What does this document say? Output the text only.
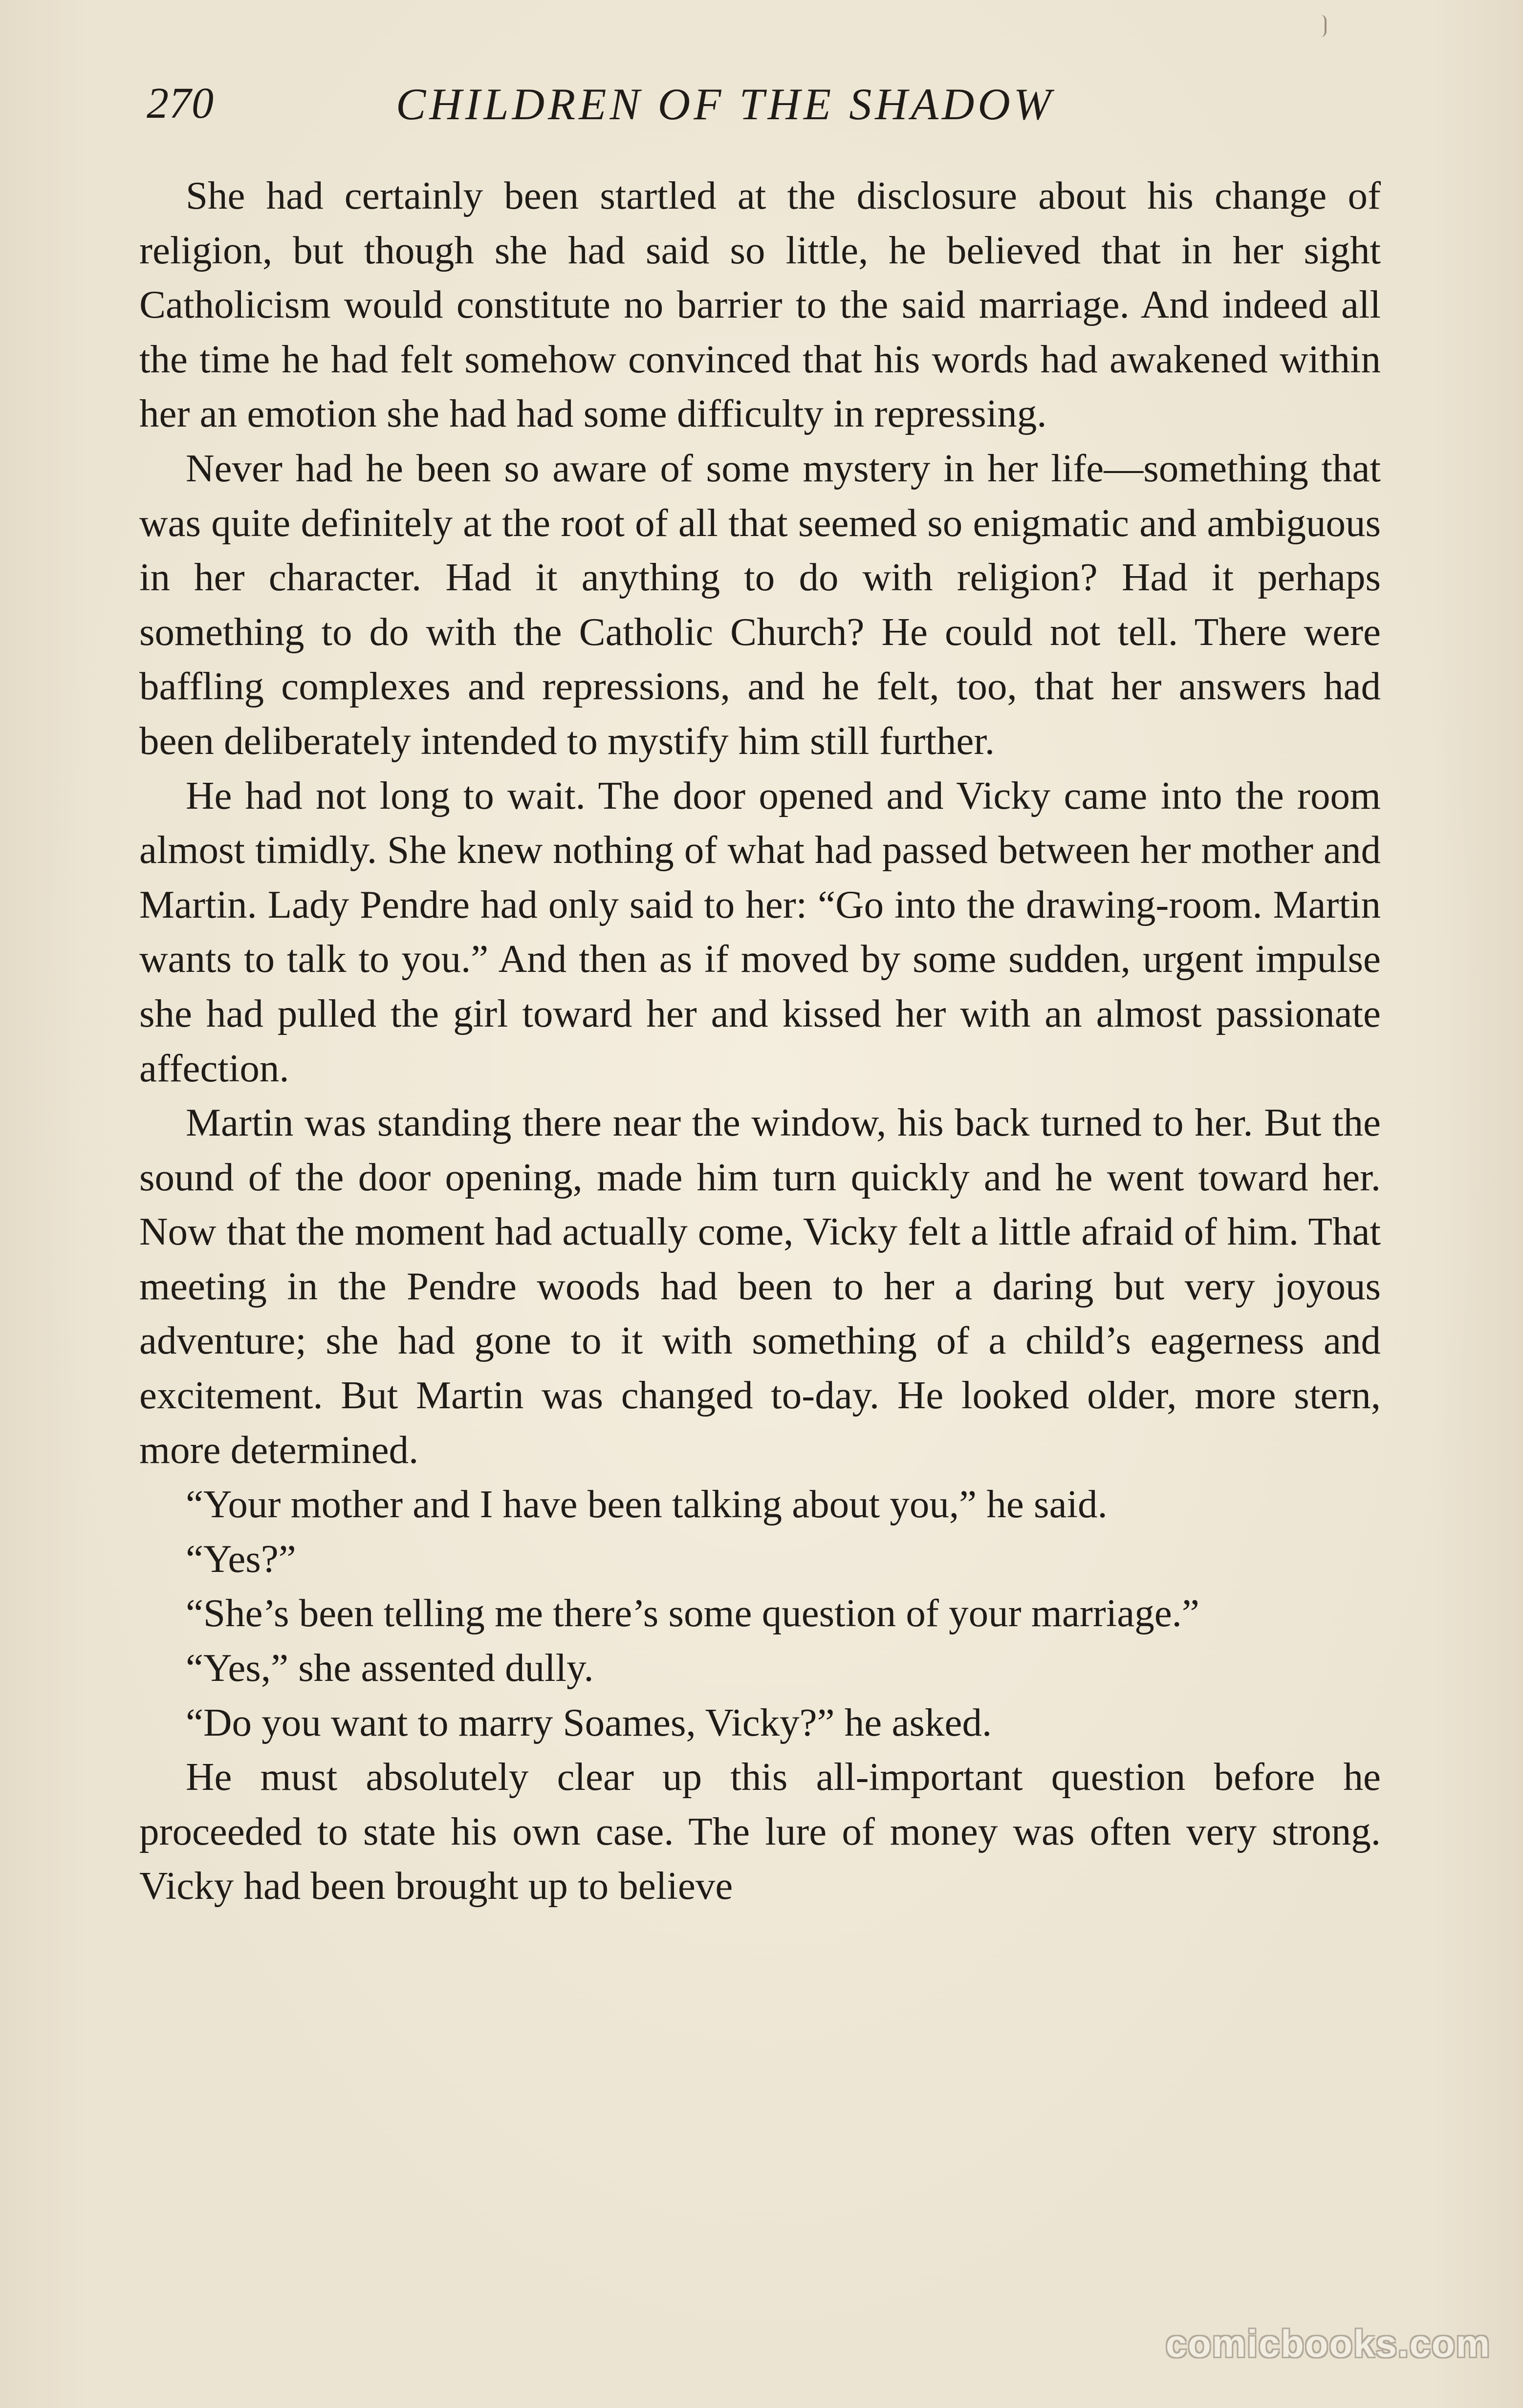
270	CHILDREN OF THE SHADOW

She had certainly been startled at the disclosure about his change of religion, but though she had said so little, he believed that in her sight Catholicism would constitute no barrier to the said marriage. And indeed all the time he had felt somehow convinced that his words had awakened within her an emotion she had had some difficulty in repressing.

Never had he been so aware of some mystery in her life—something that was quite definitely at the root of all that seemed so enigmatic and ambiguous in her character. Had it anything to do with religion? Had it perhaps something to do with the Catholic Church? He could not tell. There were baffling complexes and repressions, and he felt, too, that her answers had been deliberately intended to mystify him still further.

He had not long to wait. The door opened and Vicky came into the room almost timidly. She knew nothing of what had passed between her mother and Martin. Lady Pendre had only said to her: “Go into the drawing-room. Martin wants to talk to you.” And then as if moved by some sudden, urgent impulse she had pulled the girl toward her and kissed her with an almost passionate affection.

Martin was standing there near the window, his back turned to her. But the sound of the door opening, made him turn quickly and he went toward her. Now that the moment had actually come, Vicky felt a little afraid of him. That meeting in the Pendre woods had been to her a daring but very joyous adventure; she had gone to it with something of a child’s eagerness and excitement. But Martin was changed to-day. He looked older, more stern, more determined.

“Your mother and I have been talking about you,” he said.

“Yes?”

“She’s been telling me there’s some question of your marriage.”

“Yes,” she assented dully.

“Do you want to marry Soames, Vicky?” he asked.

He must absolutely clear up this all-important question before he proceeded to state his own case. The lure of money was often very strong. Vicky had been brought up to believe

comicbooks.com
